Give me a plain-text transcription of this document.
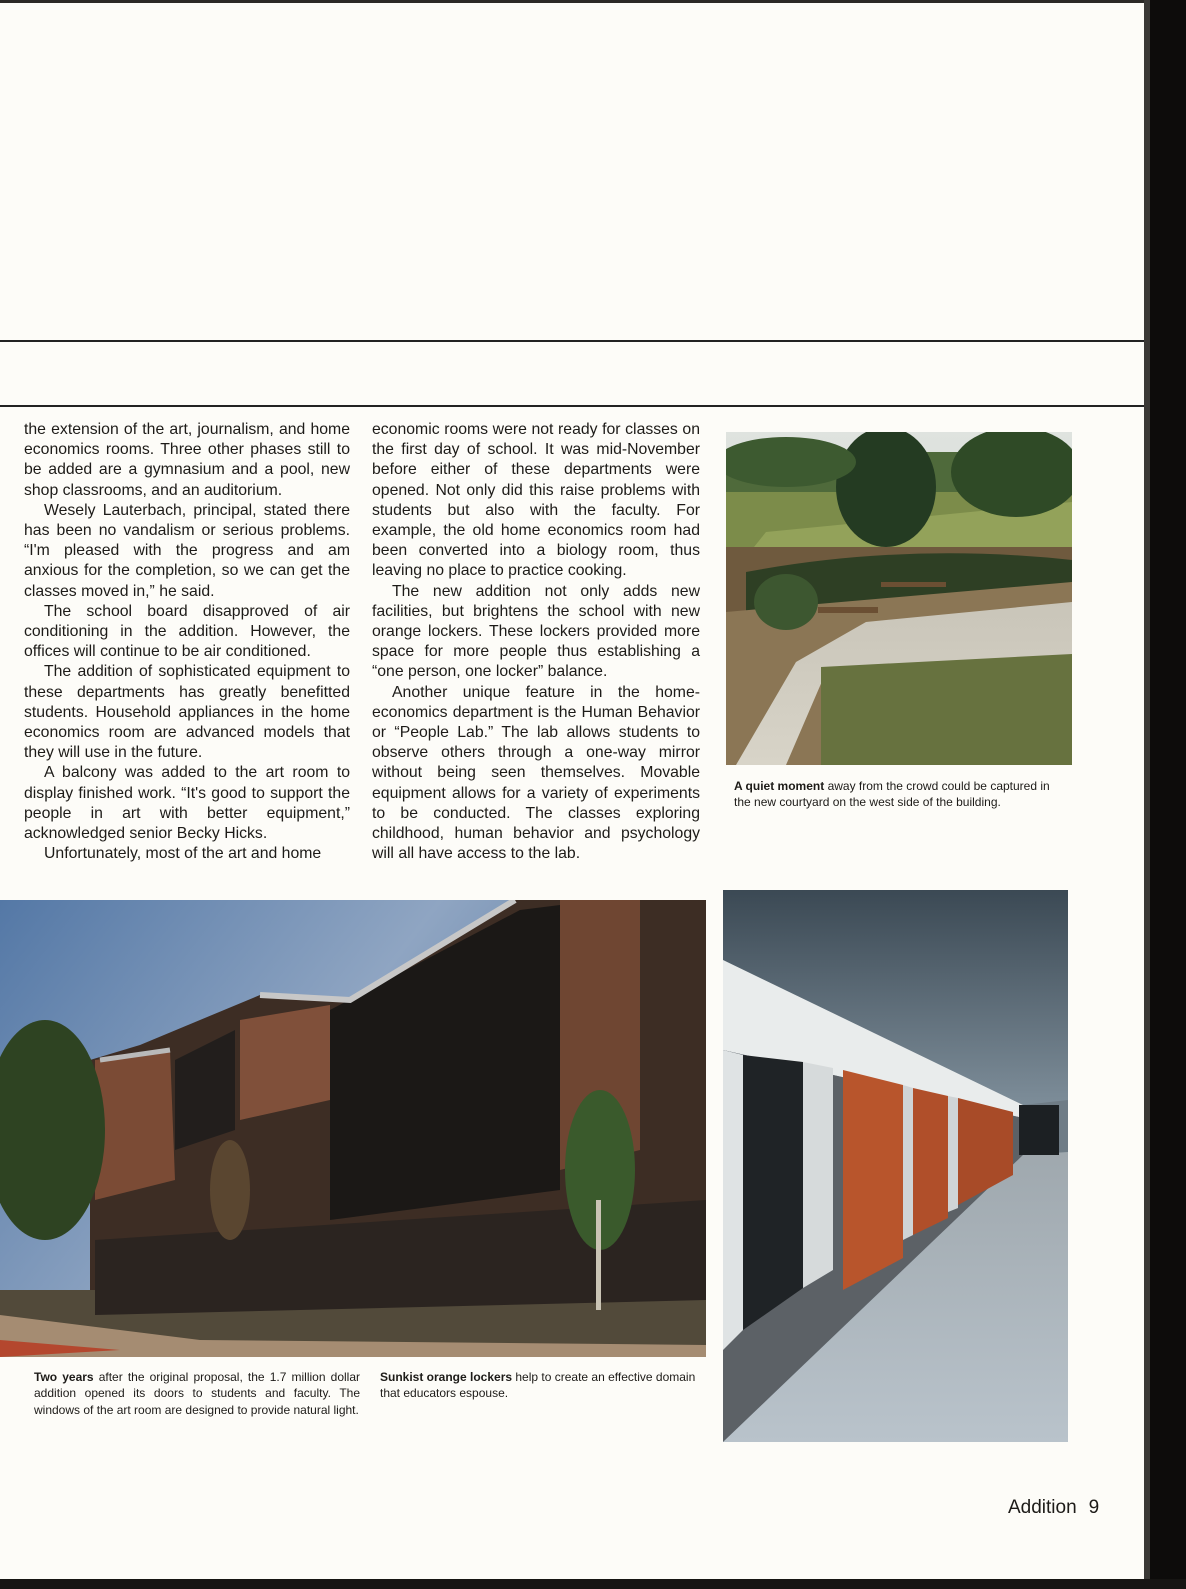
the extension of the art, journalism, and home economics rooms. Three other phases still to be added are a gymnasium and a pool, new shop classrooms, and an auditorium.

Wesely Lauterbach, principal, stated there has been no vandalism or serious problems. “I'm pleased with the progress and am anxious for the completion, so we can get the classes moved in,” he said.

The school board disapproved of air conditioning in the addition. However, the offices will continue to be air conditioned.

The addition of sophisticated equipment to these departments has greatly benefitted students. Household appliances in the home economics room are advanced models that they will use in the future.

A balcony was added to the art room to display finished work. “It's good to support the people in art with better equipment,” acknowledged senior Becky Hicks.

Unfortunately, most of the art and home

economic rooms were not ready for classes on the first day of school. It was mid-November before either of these departments were opened. Not only did this raise problems with students but also with the faculty. For example, the old home economics room had been converted into a biology room, thus leaving no place to practice cooking.

The new addition not only adds new facilities, but brightens the school with new orange lockers. These lockers provided more space for more people thus establishing a “one person, one locker” balance.

Another unique feature in the home-economics department is the Human Behavior or “People Lab.” The lab allows students to observe others through a one-way mirror without being seen themselves. Movable equipment allows for a variety of experiments to be conducted. The classes exploring childhood, human behavior and psychology will all have access to the lab.

A quiet moment away from the crowd could be captured in the new courtyard on the west side of the building.
Two years after the original proposal, the 1.7 million dollar addition opened its doors to students and faculty. The windows of the art room are designed to provide natural light.
Sunkist orange lockers help to create an effective domain that educators espouse.
Addition 9
